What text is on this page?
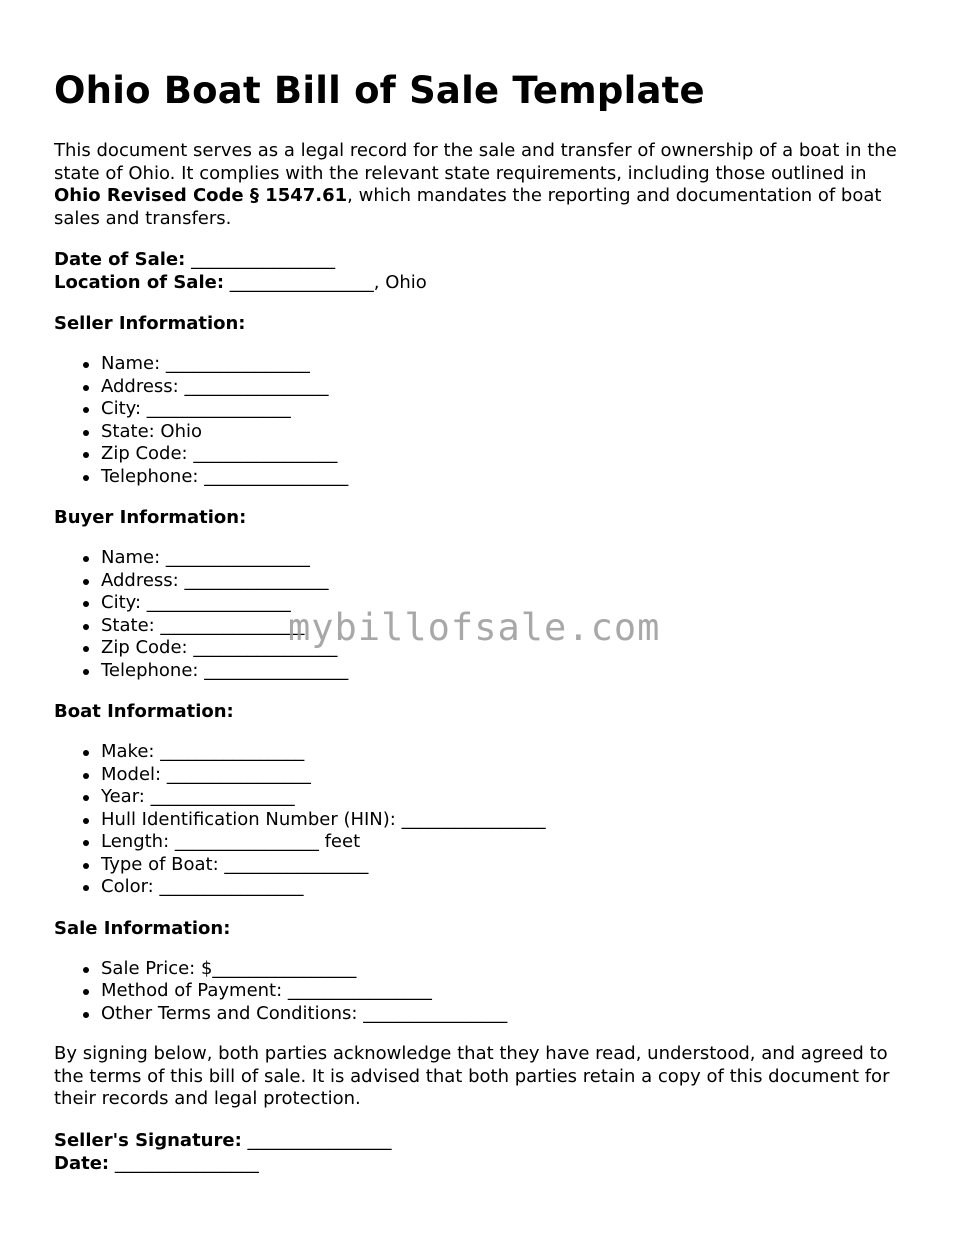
Ohio Boat Bill of Sale Template

This document serves as a legal record for the sale and transfer of ownership of a boat in the state of Ohio. It complies with the relevant state requirements, including those outlined in Ohio Revised Code § 1547.61, which mandates the reporting and documentation of boat sales and transfers.

Date of Sale: ________________

Location of Sale: ________________, Ohio

Seller Information:

Name: ________________
Address: ________________
City: ________________
State: Ohio
Zip Code: ________________
Telephone: ________________

Buyer Information:

Name: ________________
Address: ________________
City: ________________
State: ________________
Zip Code: ________________
Telephone: ________________

Boat Information:

Make: ________________
Model: ________________
Year: ________________
Hull Identification Number (HIN): ________________
Length: ________________ feet
Type of Boat: ________________
Color: ________________

Sale Information:

Sale Price: $________________
Method of Payment: ________________
Other Terms and Conditions: ________________

By signing below, both parties acknowledge that they have read, understood, and agreed to the terms of this bill of sale. It is advised that both parties retain a copy of this document for their records and legal protection.

Seller's Signature: ________________

Date: ________________

mybillofsale.com
